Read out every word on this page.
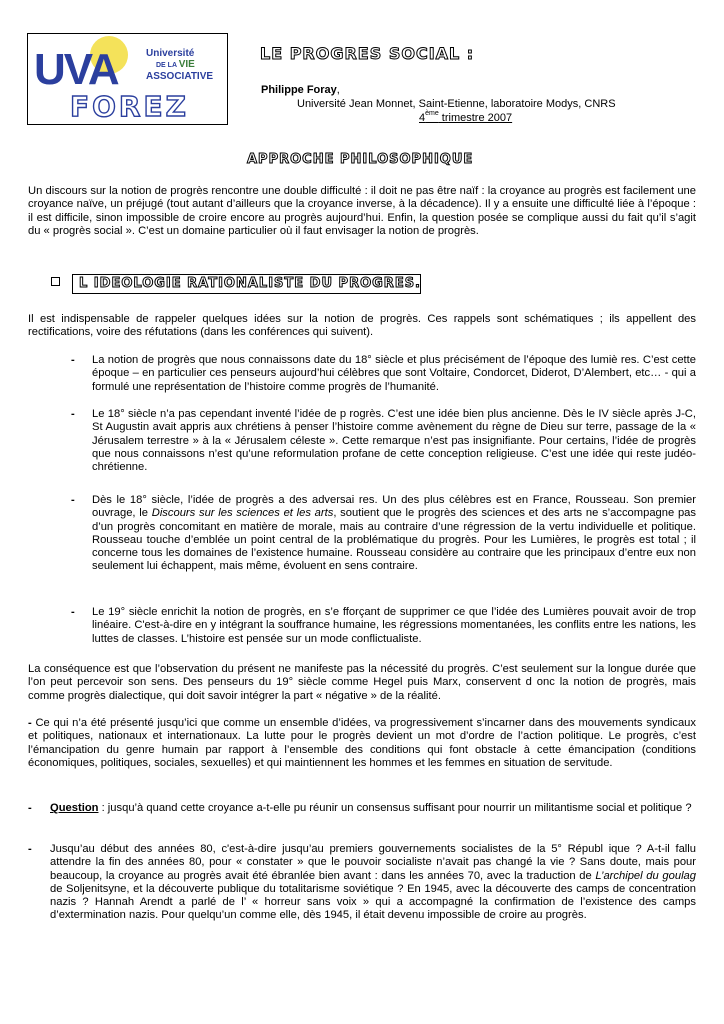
UVA	Université
DE LA VIE
ASSOCIATIVE
FOREZ
LE PROGRES SOCIAL :
Philippe Foray,
Université Jean Monnet, Saint-Etienne, laboratoire Modys, CNRS
4ème trimestre 2007
APPROCHE PHILOSOPHIQUE
Un discours sur la notion de progrès rencontre une double difficulté : il doit ne pas être naïf : la croyance au progrès est facilement une croyance naïve, un préjugé (tout autant d’ailleurs que la croyance inverse, à la décadence). Il y a ensuite une difficulté liée à l’époque : il est difficile, sinon impossible de croire encore au progrès aujourd’hui. Enfin, la question posée se complique aussi du fait qu’il s’agit du « progrès social ». C’est un domaine particulier où il faut envisager la notion de progrès.
L IDEOLOGIE RATIONALISTE DU PROGRES.
Il est indispensable de rappeler quelques idées sur la notion de progrès. Ces rappels sont schématiques ; ils appellent des rectifications, voire des réfutations (dans les conférences qui suivent).
- La notion de progrès que nous connaissons date du 18° siècle et plus précisément de l’époque des lumiè res. C’est cette époque – en particulier ces penseurs aujourd’hui célèbres que sont Voltaire, Condorcet, Diderot, D’Alembert, etc… - qui a formulé une représentation de l’histoire comme progrès de l’humanité.
- Le 18° siècle n’a pas cependant inventé l’idée de p rogrès. C’est une idée bien plus ancienne. Dès le IV siècle après J-C, St Augustin avait appris aux chrétiens à penser l’histoire comme avènement du règne de Dieu sur terre, passage de la « Jérusalem terrestre » à la « Jérusalem céleste ». Cette remarque n’est pas insignifiante. Pour certains, l’idée de progrès que nous connaissons n’est qu’une reformulation profane de cette conception religieuse. C’est une idée qui reste judéo-chrétienne.
- Dès le 18° siècle, l’idée de progrès a des adversai res. Un des plus célèbres est en France, Rousseau. Son premier ouvrage, le Discours sur les sciences et les arts, soutient que le progrès des sciences et des arts ne s’accompagne pas d’un progrès concomitant en matière de morale, mais au contraire d’une régression de la vertu individuelle et politique. Rousseau touche d’emblée un point central de la problématique du progrès. Pour les Lumières, le progrès est total ; il concerne tous les domaines de l’existence humaine. Rousseau considère au contraire que les principaux d’entre eux non seulement lui échappent, mais même, évoluent en sens contraire.
- Le 19° siècle enrichit la notion de progrès, en s’e fforçant de supprimer ce que l’idée des Lumières pouvait avoir de trop linéaire. C'est-à-dire en y intégrant la souffrance humaine, les régressions momentanées, les conflits entre les nations, les luttes de classes. L’histoire est pensée sur un mode conflictualiste.
La conséquence est que l’observation du présent ne manifeste pas la nécessité du progrès. C’est seulement sur la longue durée que l’on peut percevoir son sens. Des penseurs du 19° siècle comme Hegel puis Marx, conservent d onc la notion de progrès, mais comme progrès dialectique, qui doit savoir intégrer la part « négative » de la réalité.
- Ce qui n’a été présenté jusqu’ici que comme un ensemble d’idées, va progressivement s’incarner dans des mouvements syndicaux et politiques, nationaux et internationaux. La lutte pour le progrès devient un mot d’ordre de l’action politique. Le progrès, c’est l’émancipation du genre humain par rapport à l’ensemble des conditions qui font obstacle à cette émancipation (conditions économiques, politiques, sociales, sexuelles) et qui maintiennent les hommes et les femmes en situation de servitude.
- Question : jusqu’à quand cette croyance a-t-elle pu réunir un consensus suffisant pour nourrir un militantisme social et politique ?
- Jusqu’au début des années 80, c'est-à-dire jusqu’au premiers gouvernements socialistes de la 5° Républ ique ? A-t-il fallu attendre la fin des années 80, pour « constater » que le pouvoir socialiste n’avait pas changé la vie ? Sans doute, mais pour beaucoup, la croyance au progrès avait été ébranlée bien avant : dans les années 70, avec la traduction de L’archipel du goulag de Soljenitsyne, et la découverte publique du totalitarisme soviétique ? En 1945, avec la découverte des camps de concentration nazis ? Hannah Arendt a parlé de l’ « horreur sans voix » qui a accompagné la confirmation de l’existence des camps d’extermination nazis. Pour quelqu’un comme elle, dès 1945, il était devenu impossible de croire au progrès.
